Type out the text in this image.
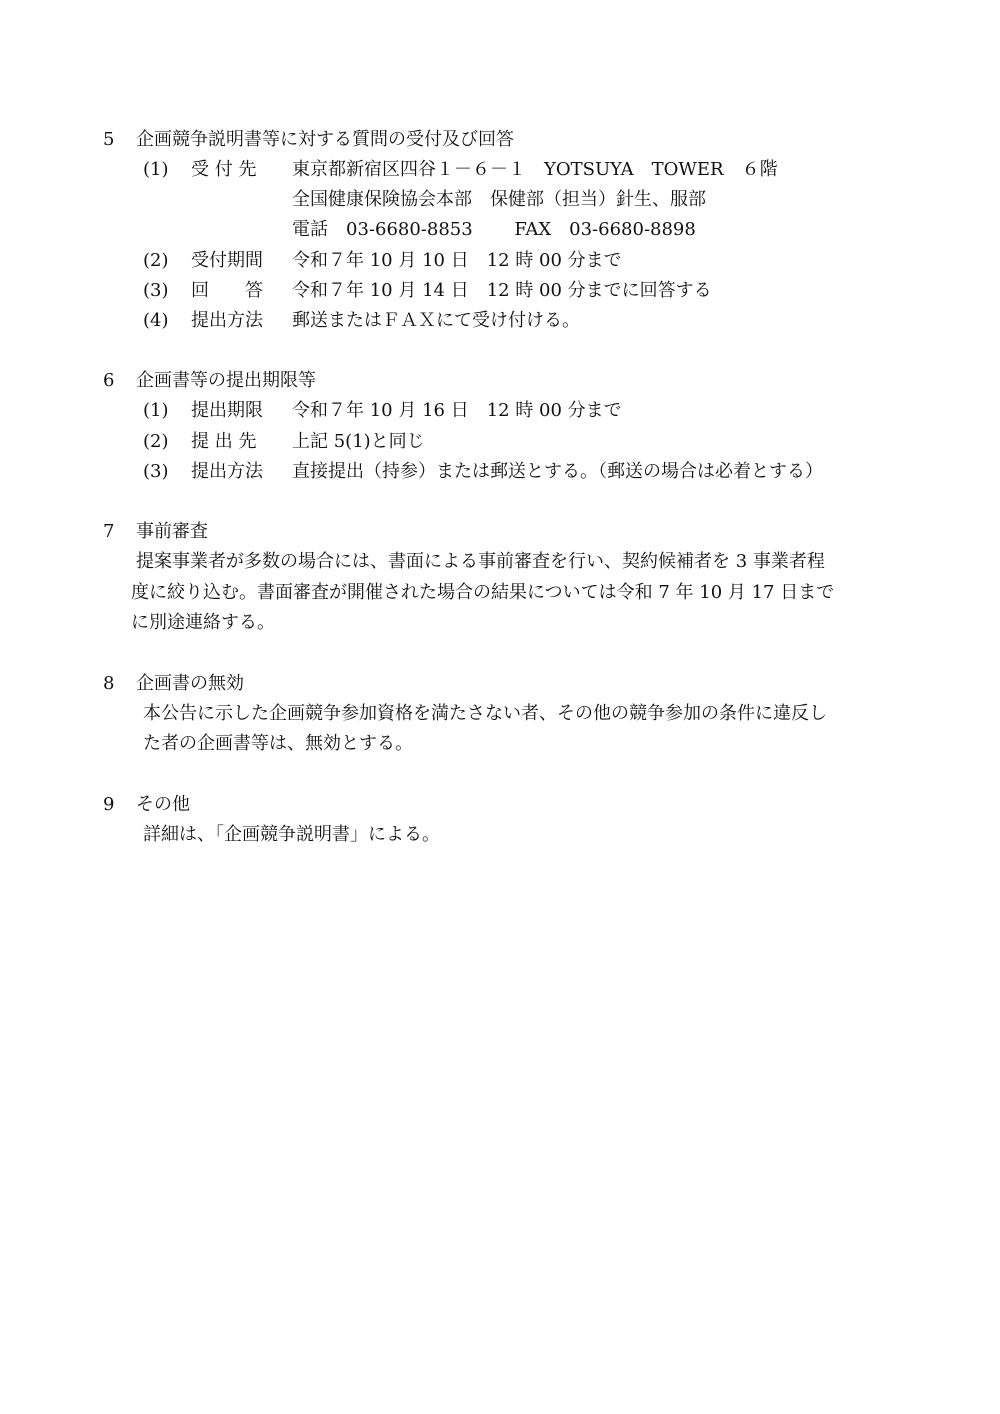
5 企画競争説明書等に対する質問の受付及び回答
(1) 受 付 先 東京都新宿区四谷１－６－１　YOTSUYA　TOWER　６階
全国健康保険協会本部　保健部（担当）針生、服部
電話　03-6680-8853　　 FAX　03-6680-8898
(2) 受付期間 令和７年 10 月 10 日　12 時 00 分まで
(3) 回　　答 令和７年 10 月 14 日　12 時 00 分までに回答する
(4) 提出方法 郵送またはＦＡＸにて受け付ける。
6 企画書等の提出期限等
(1) 提出期限 令和７年 10 月 16 日　12 時 00 分まで
(2) 提 出 先 上記 5(1)と同じ
(3) 提出方法 直接提出（持参）または郵送とする。（郵送の場合は必着とする）
7 事前審査
提案事業者が多数の場合には、書面による事前審査を行い、契約候補者を 3 事業者程
度に絞り込む。書面審査が開催された場合の結果については令和 7 年 10 月 17 日まで
に別途連絡する。
8 企画書の無効
本公告に示した企画競争参加資格を満たさない者、その他の競争参加の条件に違反し
た者の企画書等は、無効とする。
9 その他
詳細は、「企画競争説明書」による。
